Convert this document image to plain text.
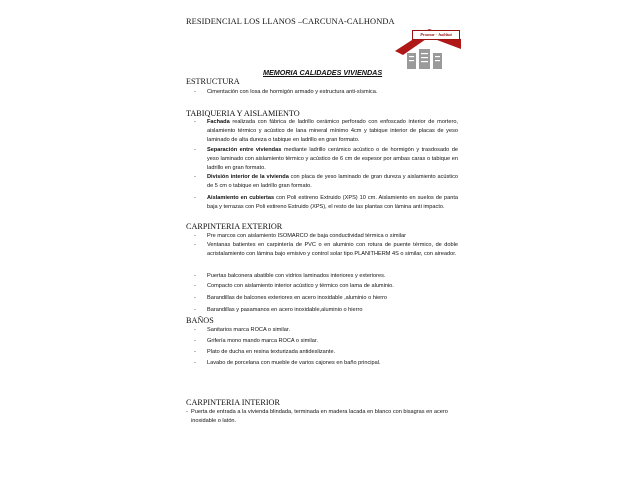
RESIDENCIAL LOS LLANOS –CARCUNA-CALHONDA
Promar - habitat
MEMORIA CALIDADES VIVIENDAS
ESTRUCTURA
- Cimentación con losa de hormigón armado y estructura anti-sísmica.
TABIQUERIA Y AISLAMIENTO
- Fachada realizada con fábrica de ladrillo cerámico perforado con enfoscado interior de mortero, aislamiento térmico y acústico de lana mineral mínimo 4cm y tabique interior de placas de yeso laminado de alta dureza o tabique en ladrillo en gran formato.
- Separación entre viviendas mediante ladrillo cerámico acústico o de hormigón y trasdosado de yeso laminado con aislamiento térmico y acústico de 6 cm de espesor por ambas caras o tabique en ladrillo en gran formato.
- División interior de la vivienda con placa de yeso laminado de gran dureza y aislamiento acústico de 5 cm o tabique en ladrillo gran formato.
- Aislamiento en cubiertas con Poli estireno Extruido (XPS) 10 cm. Aislamiento en suelos de panta baja y terrazas con Poli estireno Estruido (XPS), el resto de las plantas con lámina anti impacto.
CARPINTERIA EXTERIOR
- Pre marcos con aislamiento ISOMARCO de baja conductividad térmica o similar
- Ventanas batientes en carpintería de PVC o en aluminio con rotura de puente térmico, de doble acristalamiento con lámina bajo emisivo y control solar tipo PLANITHERM 4S o similar, con aireador.
- Puertas balconera abatible con vidrios laminados interiores y exteriores.
- Compacto con aislamiento interior acústico y térmico con lama de aluminio.
- Barandillas de balcones exteriores en acero inoxidable ,aluminio o hierro
- Barandillas y pasamanos en acero inoxidable,aluminio o hierro
BAÑOS
- Sanitarios marca ROCA o similar.
- Grifería mono mando marca ROCA o similar.
- Plato de ducha en resina texturizada antideslizante.
- Lavabo de porcelana con mueble de varios cajones en baño principal.
CARPINTERIA INTERIOR
- Puerta de entrada a la vivienda blindada, terminada en madera lacada en blanco con bisagras en acero inoxidable o latón.
